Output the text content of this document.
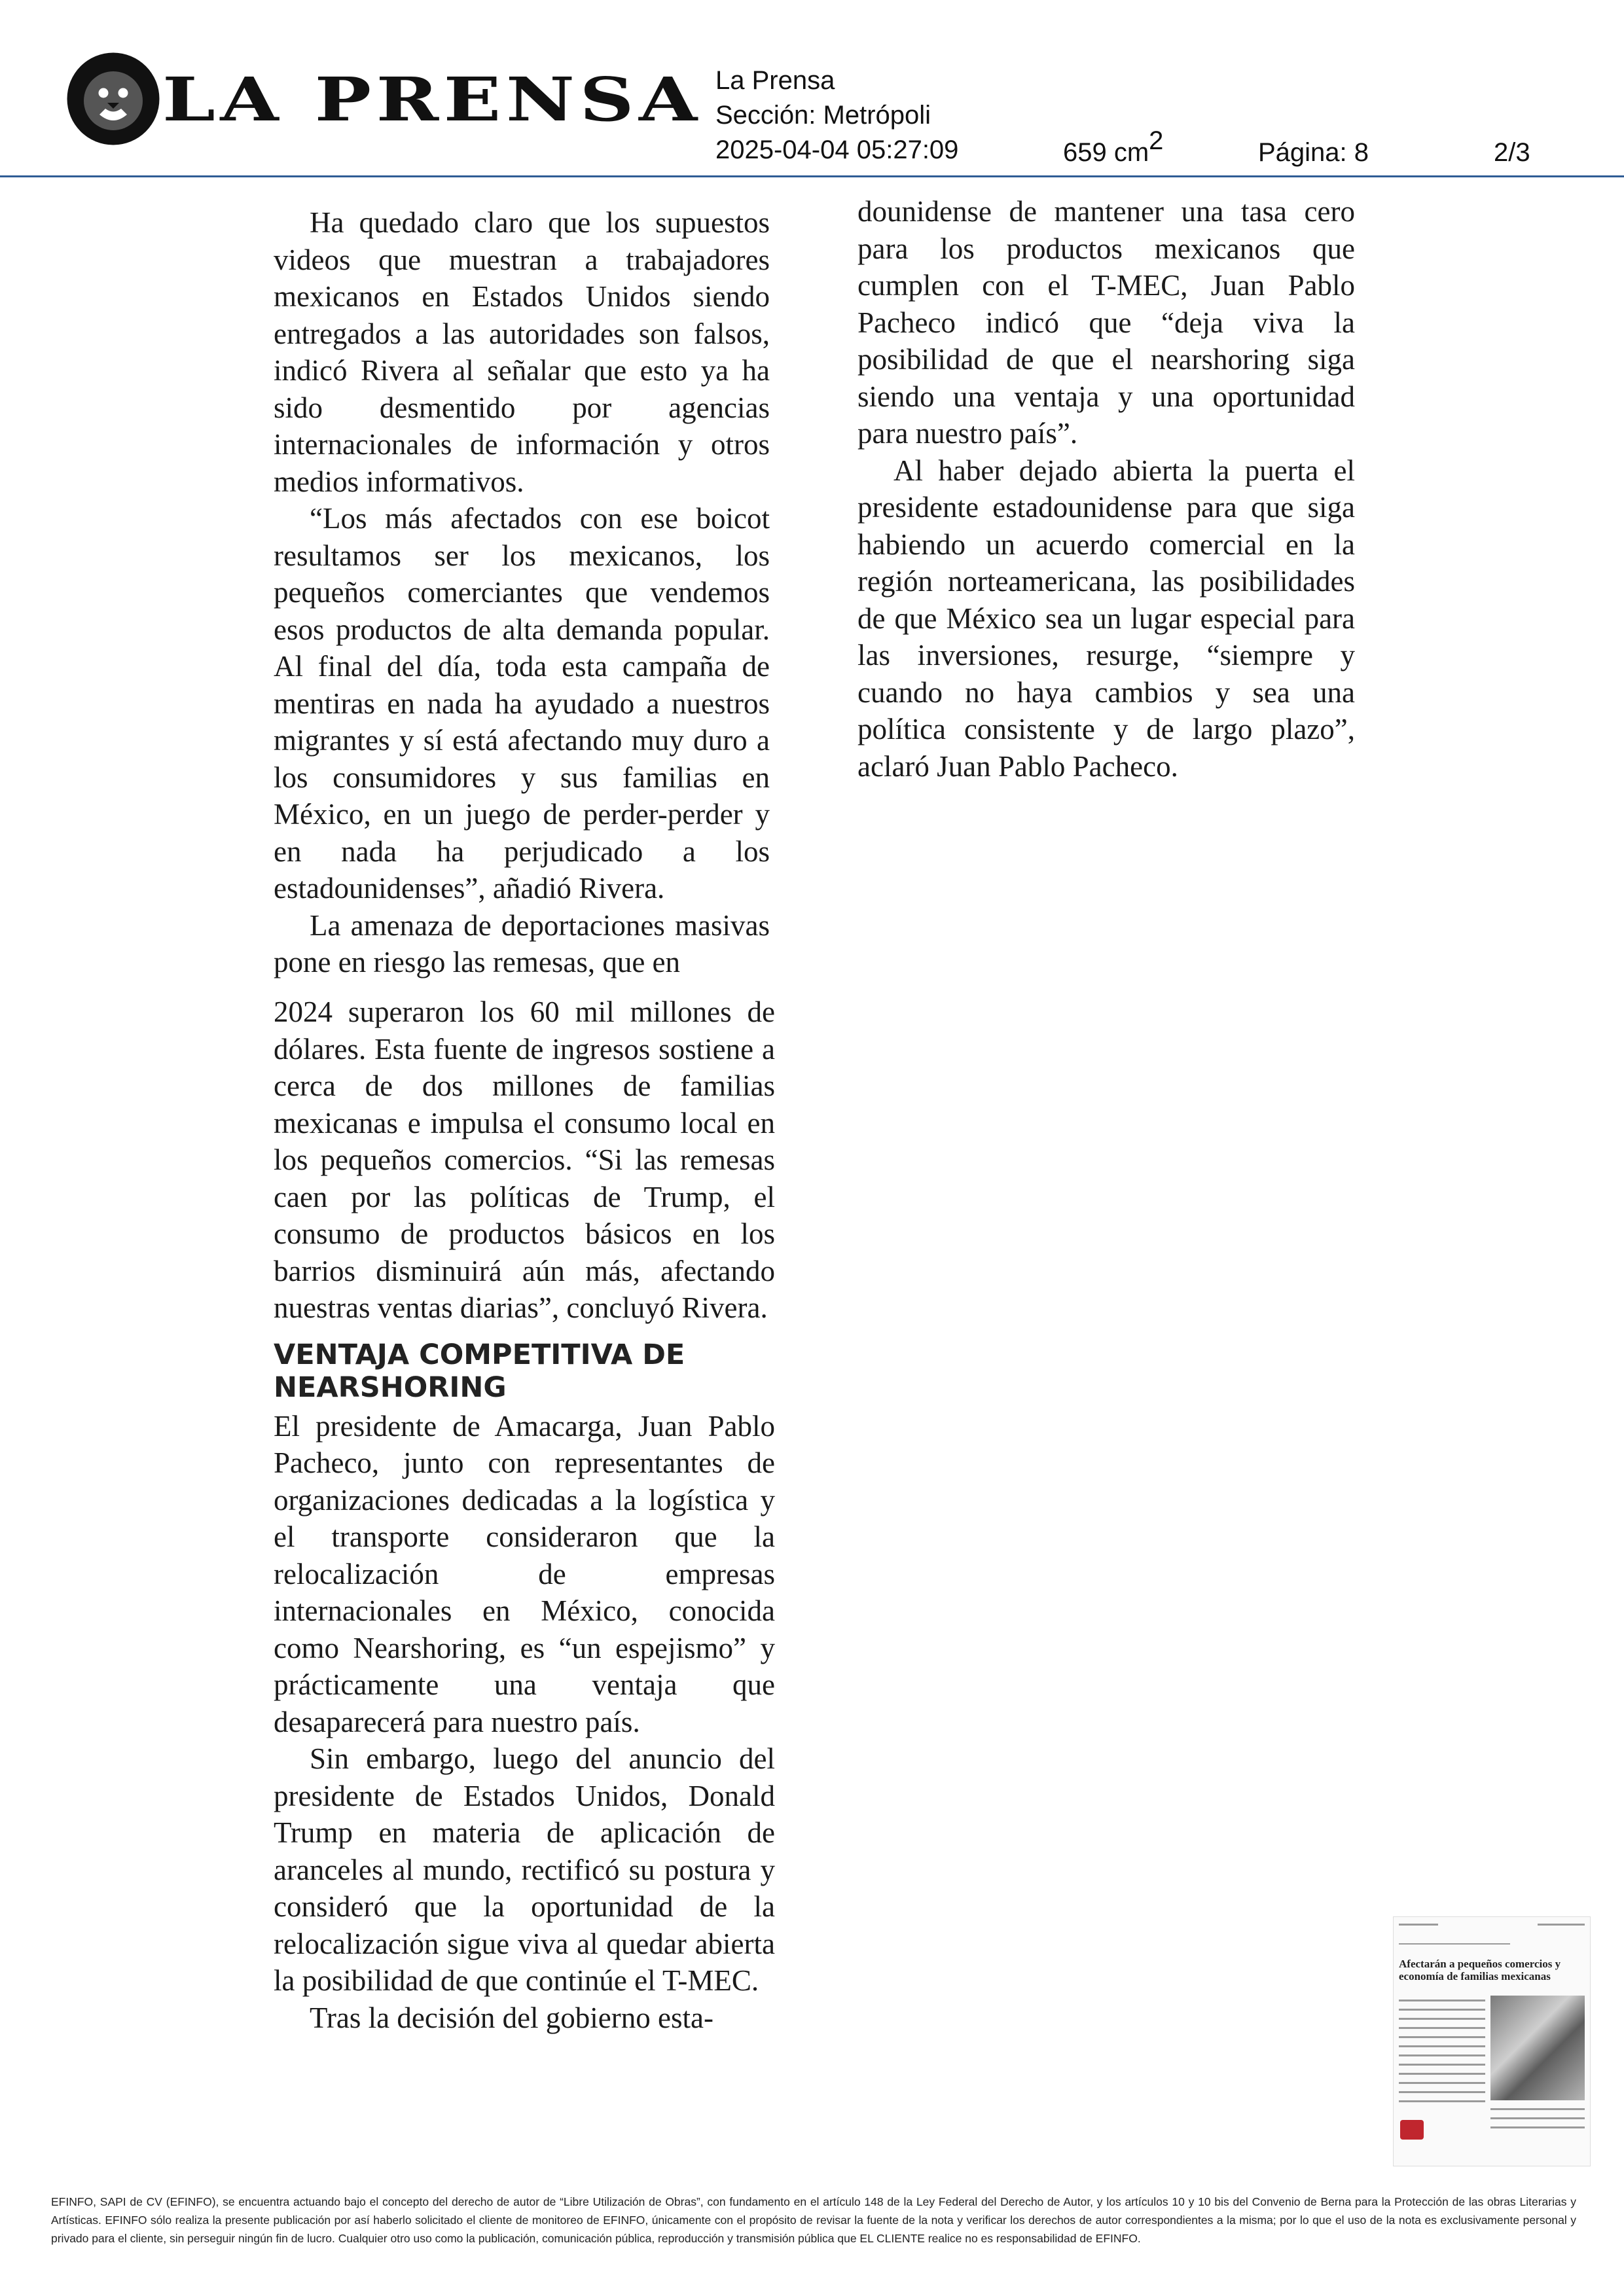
LA PRENSA La Prensa
Sección: Metrópoli
2025-04-04 05:27:09	659 $cm^2$	Página: 8	2/3

Ha quedado claro que los supuestos videos que muestran a trabajadores mexicanos en Estados Unidos siendo entregados a las autoridades son falsos, indicó Rivera al señalar que esto ya ha sido desmentido por agencias internacionales de información y otros medios informativos.

“Los más afectados con ese boicot resultamos ser los mexicanos, los pequeños comerciantes que vendemos esos productos de alta demanda popular. Al final del día, toda esta campaña de mentiras en nada ha ayudado a nuestros migrantes y sí está afectando muy duro a los consumidores y sus familias en México, en un juego de perder-perder y en nada ha perjudicado a los estadounidenses”, añadió Rivera.

La amenaza de deportaciones masivas pone en riesgo las remesas, que en

2024 superaron los 60 mil millones de dólares. Esta fuente de ingresos sostiene a cerca de dos millones de familias mexicanas e impulsa el consumo local en los pequeños comercios. “Si las remesas caen por las políticas de Trump, el consumo de productos básicos en los barrios disminuirá aún más, afectando nuestras ventas diarias”, concluyó Rivera.

VENTAJA COMPETITIVA DE NEARSHORING

El presidente de Amacarga, Juan Pablo Pacheco, junto con representantes de organizaciones dedicadas a la logística y el transporte consideraron que la relocalización de empresas internacionales en México, conocida como Nearshoring, es “un espejismo” y prácticamente una ventaja que desaparecerá para nuestro país.

Sin embargo, luego del anuncio del presidente de Estados Unidos, Donald Trump en materia de aplicación de aranceles al mundo, rectificó su postura y consideró que la oportunidad de la relocalización sigue viva al quedar abierta la posibilidad de que continúe el T-MEC.

Tras la decisión del gobierno esta-

dounidense de mantener una tasa cero para los productos mexicanos que cumplen con el T-MEC, Juan Pablo Pacheco indicó que “deja viva la posibilidad de que el nearshoring siga siendo una ventaja y una oportunidad para nuestro país”.

Al haber dejado abierta la puerta el presidente estadounidense para que siga habiendo un acuerdo comercial en la región norteamericana, las posibilidades de que México sea un lugar especial para las inversiones, resurge, “siempre y cuando no haya cambios y sea una política consistente y de largo plazo”, aclaró Juan Pablo Pacheco.

Afectarán a pequeños comercios y economía de familias mexicanas
EFINFO, SAPI de CV (EFINFO), se encuentra actuando bajo el concepto del derecho de autor de “Libre Utilización de Obras”, con fundamento en el artículo 148 de la Ley Federal del Derecho de Autor, y los artículos 10 y 10 bis del Convenio de Berna para la Protección de las obras Literarias y Artísticas. EFINFO sólo realiza la presente publicación por así haberlo solicitado el cliente de monitoreo de EFINFO, únicamente con el propósito de revisar la fuente de la nota y verificar los derechos de autor correspondientes a la misma; por lo que el uso de la nota es exclusivamente personal y privado para el cliente, sin perseguir ningún fin de lucro. Cualquier otro uso como la publicación, comunicación pública, reproducción y transmisión pública que EL CLIENTE realice no es responsabilidad de EFINFO.
